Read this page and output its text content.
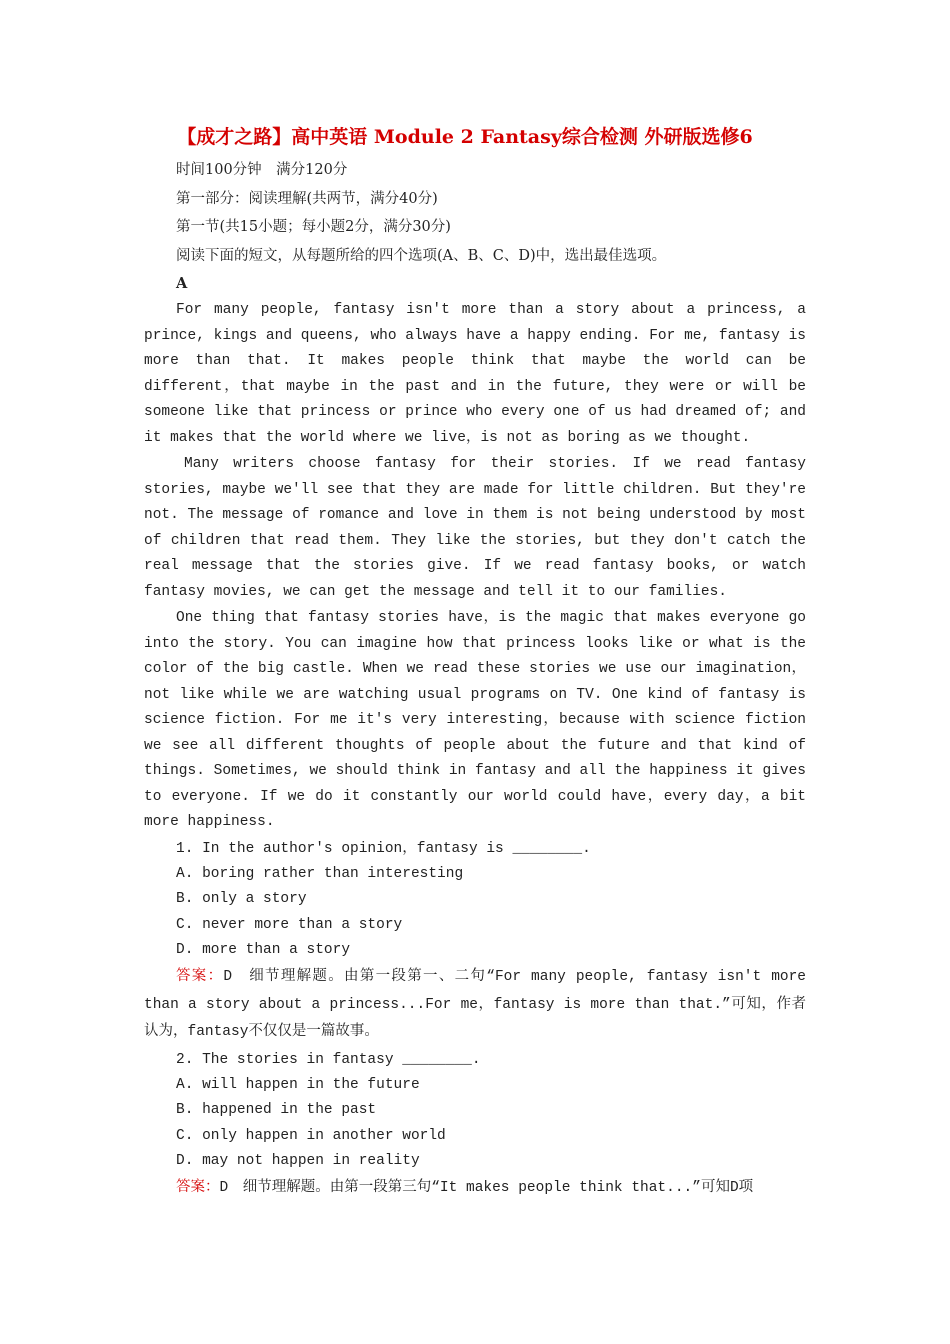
【成才之路】高中英语 Module 2 Fantasy综合检测 外研版选修6
时间100分钟　满分120分
第一部分：阅读理解(共两节，满分40分)
第一节(共15小题；每小题2分，满分30分)
阅读下面的短文，从每题所给的四个选项(A、B、C、D)中，选出最佳选项。
A

For many people, fantasy isn't more than a story about a princess, a prince, kings and queens, who always have a happy ending. For me, fantasy is more than that. It makes people think that maybe the world can be different，that maybe in the past and in the future, they were or will be someone like that princess or prince who every one of us had dreamed of; and it makes that the world where we live，is not as boring as we thought.

Many writers choose fantasy for their stories. If we read fantasy stories, maybe we'll see that they are made for little children. But they're not. The message of romance and love in them is not being understood by most of children that read them. They like the stories, but they don't catch the real message that the stories give. If we read fantasy books, or watch fantasy movies, we can get the message and tell it to our families.

One thing that fantasy stories have，is the magic that makes everyone go into the story. You can imagine how that princess looks like or what is the color of the big castle. When we read these stories we use our imagination，not like while we are watching usual programs on TV. One kind of fantasy is science fiction. For me it's very interesting，because with science fiction we see all different thoughts of people about the future and that kind of things. Sometimes, we should think in fantasy and all the happiness it gives to everyone. If we do it constantly our world could have，every day，a bit more happiness.

1. In the author's opinion，fantasy is ________.
A. boring rather than interesting
B. only a story
C. never more than a story
D. more than a story
答案：D　细节理解题。由第一段第一、二句“For many people, fantasy isn't more than a story about a princess...For me，fantasy is more than that.”可知，作者认为，fantasy不仅仅是一篇故事。
2. The stories in fantasy ________.
A. will happen in the future
B. happened in the past
C. only happen in another world
D. may not happen in reality
答案：D　细节理解题。由第一段第三句“It makes people think that...”可知D项
